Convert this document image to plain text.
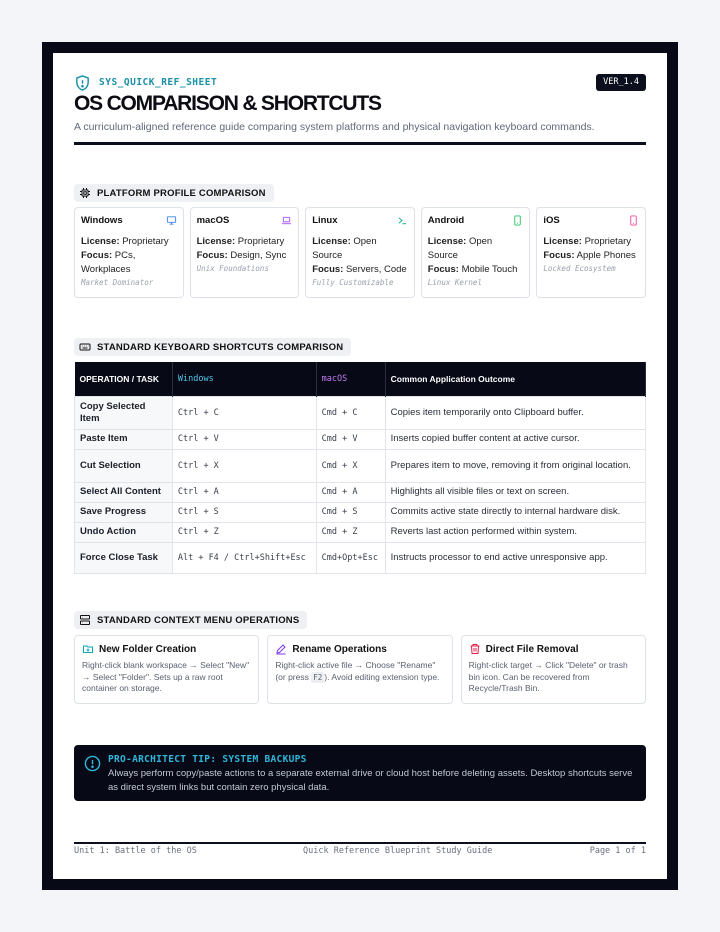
SYS_QUICK_REF_SHEET	VER_1.4
OS COMPARISON & SHORTCUTS
A curriculum-aligned reference guide comparing system platforms and physical navigation keyboard commands.
PLATFORM PROFILE COMPARISON
Windows
License: Proprietary
Focus: PCs, Workplaces
Market Dominator
macOS
License: Proprietary
Focus: Design, Sync
Unix Foundations
Linux
License: Open Source
Focus: Servers, Code
Fully Customizable
Android
License: Open Source
Focus: Mobile Touch
Linux Kernel
iOS
License: Proprietary
Focus: Apple Phones
Locked Ecosystem
STANDARD KEYBOARD SHORTCUTS COMPARISON
OPERATION / TASK	Windows	macOS	Common Application Outcome
Copy Selected Item	Ctrl + C	Cmd + C	Copies item temporarily onto Clipboard buffer.
Paste Item	Ctrl + V	Cmd + V	Inserts copied buffer content at active cursor.
Cut Selection	Ctrl + X	Cmd + X	Prepares item to move, removing it from original location.
Select All Content	Ctrl + A	Cmd + A	Highlights all visible files or text on screen.
Save Progress	Ctrl + S	Cmd + S	Commits active state directly to internal hardware disk.
Undo Action	Ctrl + Z	Cmd + Z	Reverts last action performed within system.
Force Close Task	Alt + F4 / Ctrl+Shift+Esc	Cmd+Opt+Esc	Instructs processor to end active unresponsive app.
STANDARD CONTEXT MENU OPERATIONS
New Folder Creation
Right-click blank workspace → Select "New" → Select "Folder". Sets up a raw root container on storage.
Rename Operations
Right-click active file → Choose "Rename" (or press F2 ). Avoid editing extension type.
Direct File Removal
Right-click target → Click "Delete" or trash bin icon. Can be recovered from Recycle/Trash Bin.
PRO-ARCHITECT TIP: SYSTEM BACKUPS
Always perform copy/paste actions to a separate external drive or cloud host before deleting assets. Desktop shortcuts serve as direct system links but contain zero physical data.
Unit 1: Battle of the OS	Quick Reference Blueprint Study Guide	Page 1 of 1
